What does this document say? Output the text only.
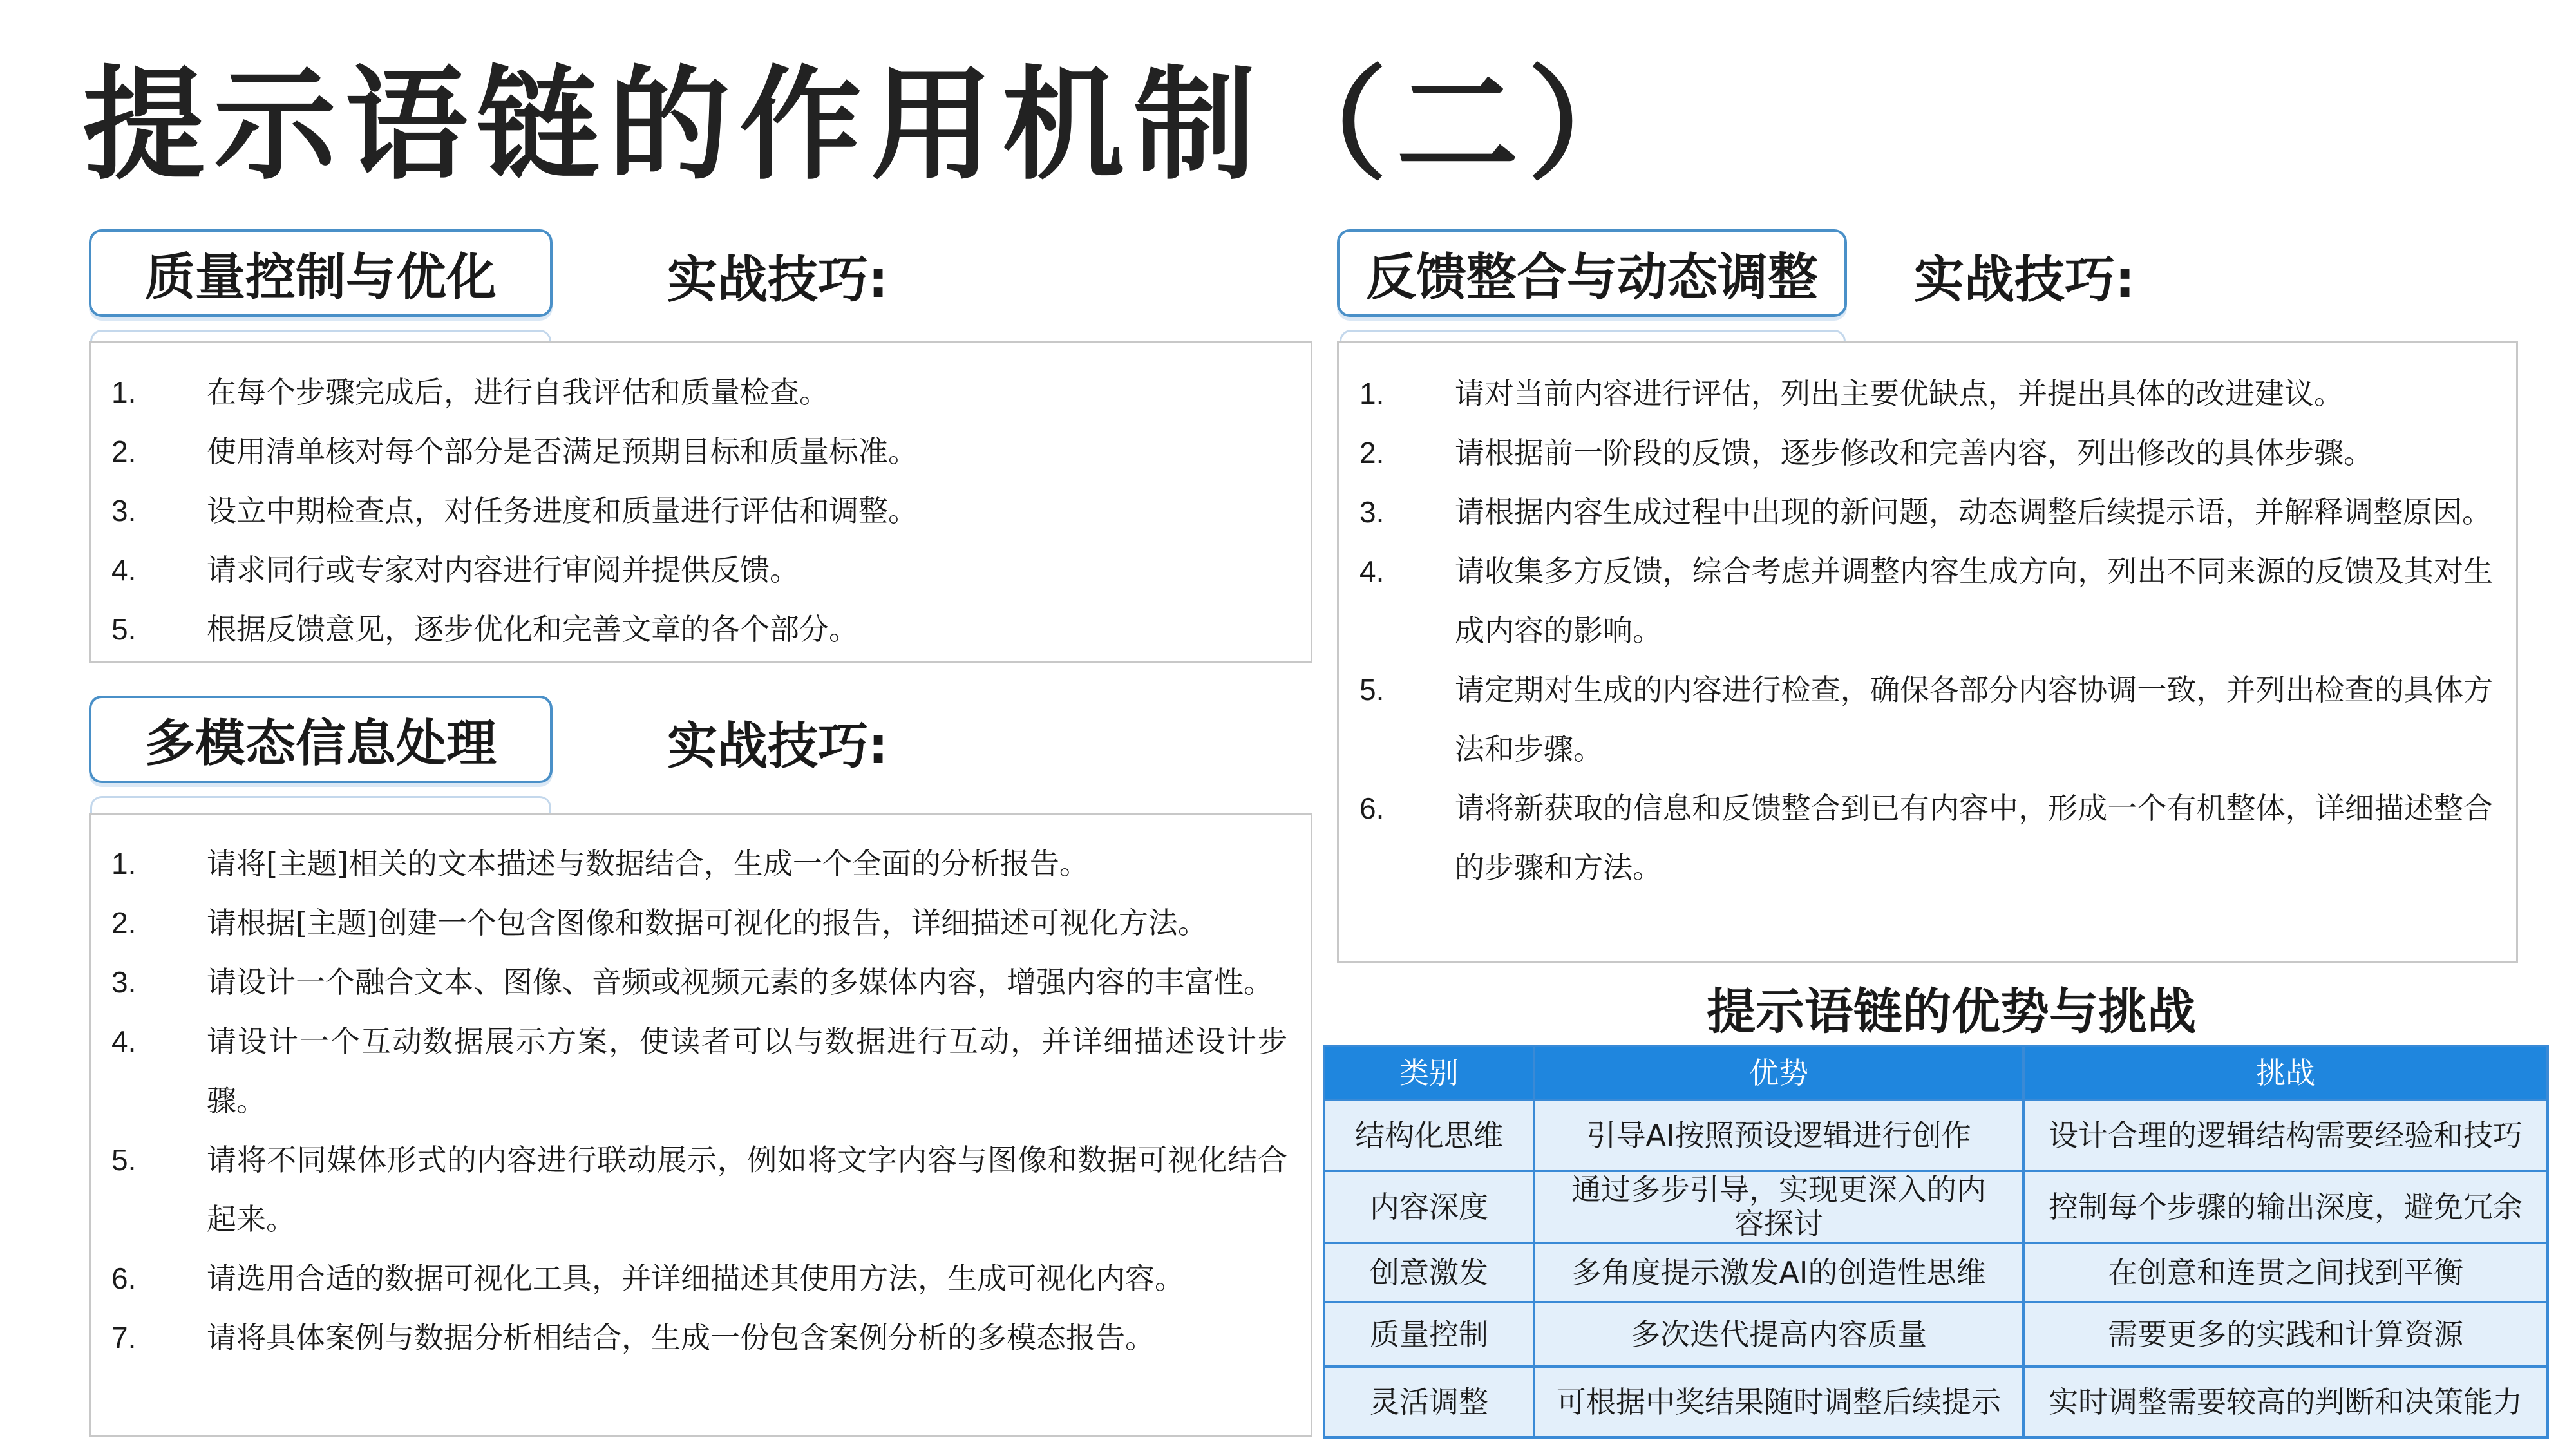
提示语链的作用机制（二）
质量控制与优化	实战技巧:
1.	在每个步骤完成后，进行自我评估和质量检查。
2.	使用清单核对每个部分是否满足预期目标和质量标准。
3.	设立中期检查点，对任务进度和质量进行评估和调整。
4.	请求同行或专家对内容进行审阅并提供反馈。
5.	根据反馈意见，逐步优化和完善文章的各个部分。
多模态信息处理	实战技巧:
1.	请将[主题]相关的文本描述与数据结合，生成一个全面的分析报告。
2.	请根据[主题]创建一个包含图像和数据可视化的报告，详细描述可视化方法。
3.	请设计一个融合文本、图像、音频或视频元素的多媒体内容，增强内容的丰富性。
4.	请设计一个互动数据展示方案，使读者可以与数据进行互动，并详细描述设计步骤。
5.	请将不同媒体形式的内容进行联动展示，例如将文字内容与图像和数据可视化结合起来。
6.	请选用合适的数据可视化工具，并详细描述其使用方法，生成可视化内容。
7.	请将具体案例与数据分析相结合，生成一份包含案例分析的多模态报告。
反馈整合与动态调整	实战技巧:
1.	请对当前内容进行评估，列出主要优缺点，并提出具体的改进建议。
2.	请根据前一阶段的反馈，逐步修改和完善内容，列出修改的具体步骤。
3.	请根据内容生成过程中出现的新问题，动态调整后续提示语，并解释调整原因。
4.	请收集多方反馈，综合考虑并调整内容生成方向，列出不同来源的反馈及其对生成内容的影响。
5.	请定期对生成的内容进行检查，确保各部分内容协调一致，并列出检查的具体方法和步骤。
6.	请将新获取的信息和反馈整合到已有内容中，形成一个有机整体，详细描述整合的步骤和方法。
提示语链的优势与挑战
类别	优势	挑战
结构化思维	引导AI按照预设逻辑进行创作	设计合理的逻辑结构需要经验和技巧
内容深度	通过多步引导，实现更深入的内容探讨	控制每个步骤的输出深度，避免冗余
创意激发	多角度提示激发AI的创造性思维	在创意和连贯之间找到平衡
质量控制	多次迭代提高内容质量	需要更多的实践和计算资源
灵活调整	可根据中奖结果随时调整后续提示	实时调整需要较高的判断和决策能力
